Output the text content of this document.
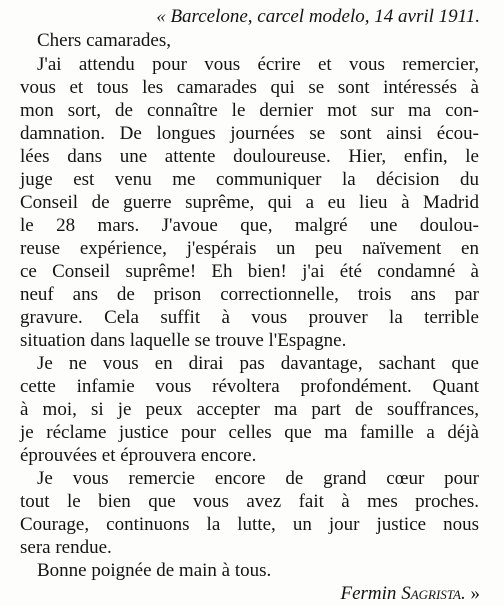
« Barcelone, carcel modelo, 14 avril 1911.
Chers camarades,
J'ai attendu pour vous écrire et vous remercier,
vous et tous les camarades qui se sont intéressés à
mon sort, de connaître le dernier mot sur ma con-
damnation. De longues journées se sont ainsi écou-
lées dans une attente douloureuse. Hier, enfin, le
juge est venu me communiquer la décision du
Conseil de guerre suprême, qui a eu lieu à Madrid
le 28 mars. J'avoue que, malgré une doulou-
reuse expérience, j'espérais un peu naïvement en
ce Conseil suprême! Eh bien! j'ai été condamné à
neuf ans de prison correctionnelle, trois ans par
gravure. Cela suffit à vous prouver la terrible
situation dans laquelle se trouve l'Espagne.
Je ne vous en dirai pas davantage, sachant que
cette infamie vous révoltera profondément. Quant
à moi, si je peux accepter ma part de souffrances,
je réclame justice pour celles que ma famille a déjà
éprouvées et éprouvera encore.
Je vous remercie encore de grand cœur pour
tout le bien que vous avez fait à mes proches.
Courage, continuons la lutte, un jour justice nous
sera rendue.
Bonne poignée de main à tous.
Fermin Sagrista. »
